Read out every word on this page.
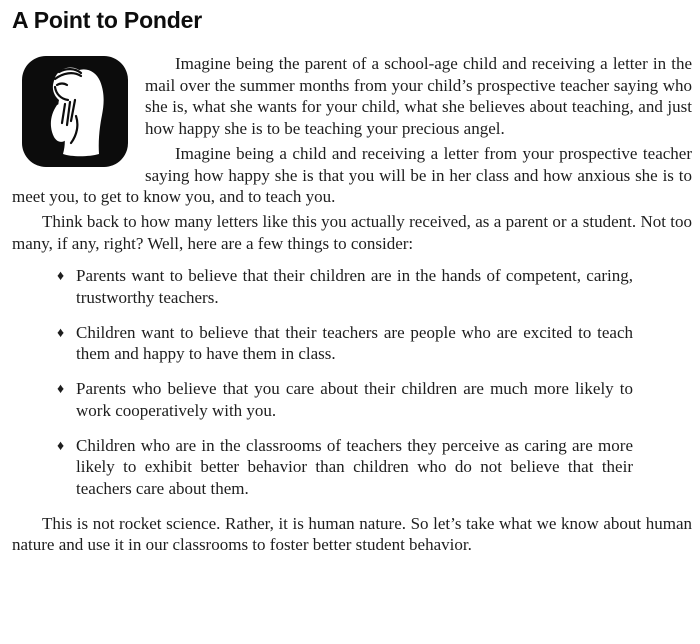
A Point to Ponder

Imagine being the parent of a school-age child and receiving a letter in the mail over the summer months from your child’s prospective teacher saying who she is, what she wants for your child, what she believes about teaching, and just how happy she is to be teaching your precious angel.

Imagine being a child and receiving a letter from your prospective teacher saying how happy she is that you will be in her class and how anxious she is to meet you, to get to know you, and to teach you.

Think back to how many letters like this you actually received, as a parent or a student. Not too many, if any, right? Well, here are a few things to consider:

♦ Parents want to believe that their children are in the hands of competent, caring, trustworthy teachers.
♦ Children want to believe that their teachers are people who are excited to teach them and happy to have them in class.
♦ Parents who believe that you care about their children are much more likely to work cooperatively with you.
♦ Children who are in the classrooms of teachers they perceive as caring are more likely to exhibit better behavior than children who do not believe that their teachers care about them.

This is not rocket science. Rather, it is human nature. So let’s take what we know about human nature and use it in our classrooms to foster better student behavior.
